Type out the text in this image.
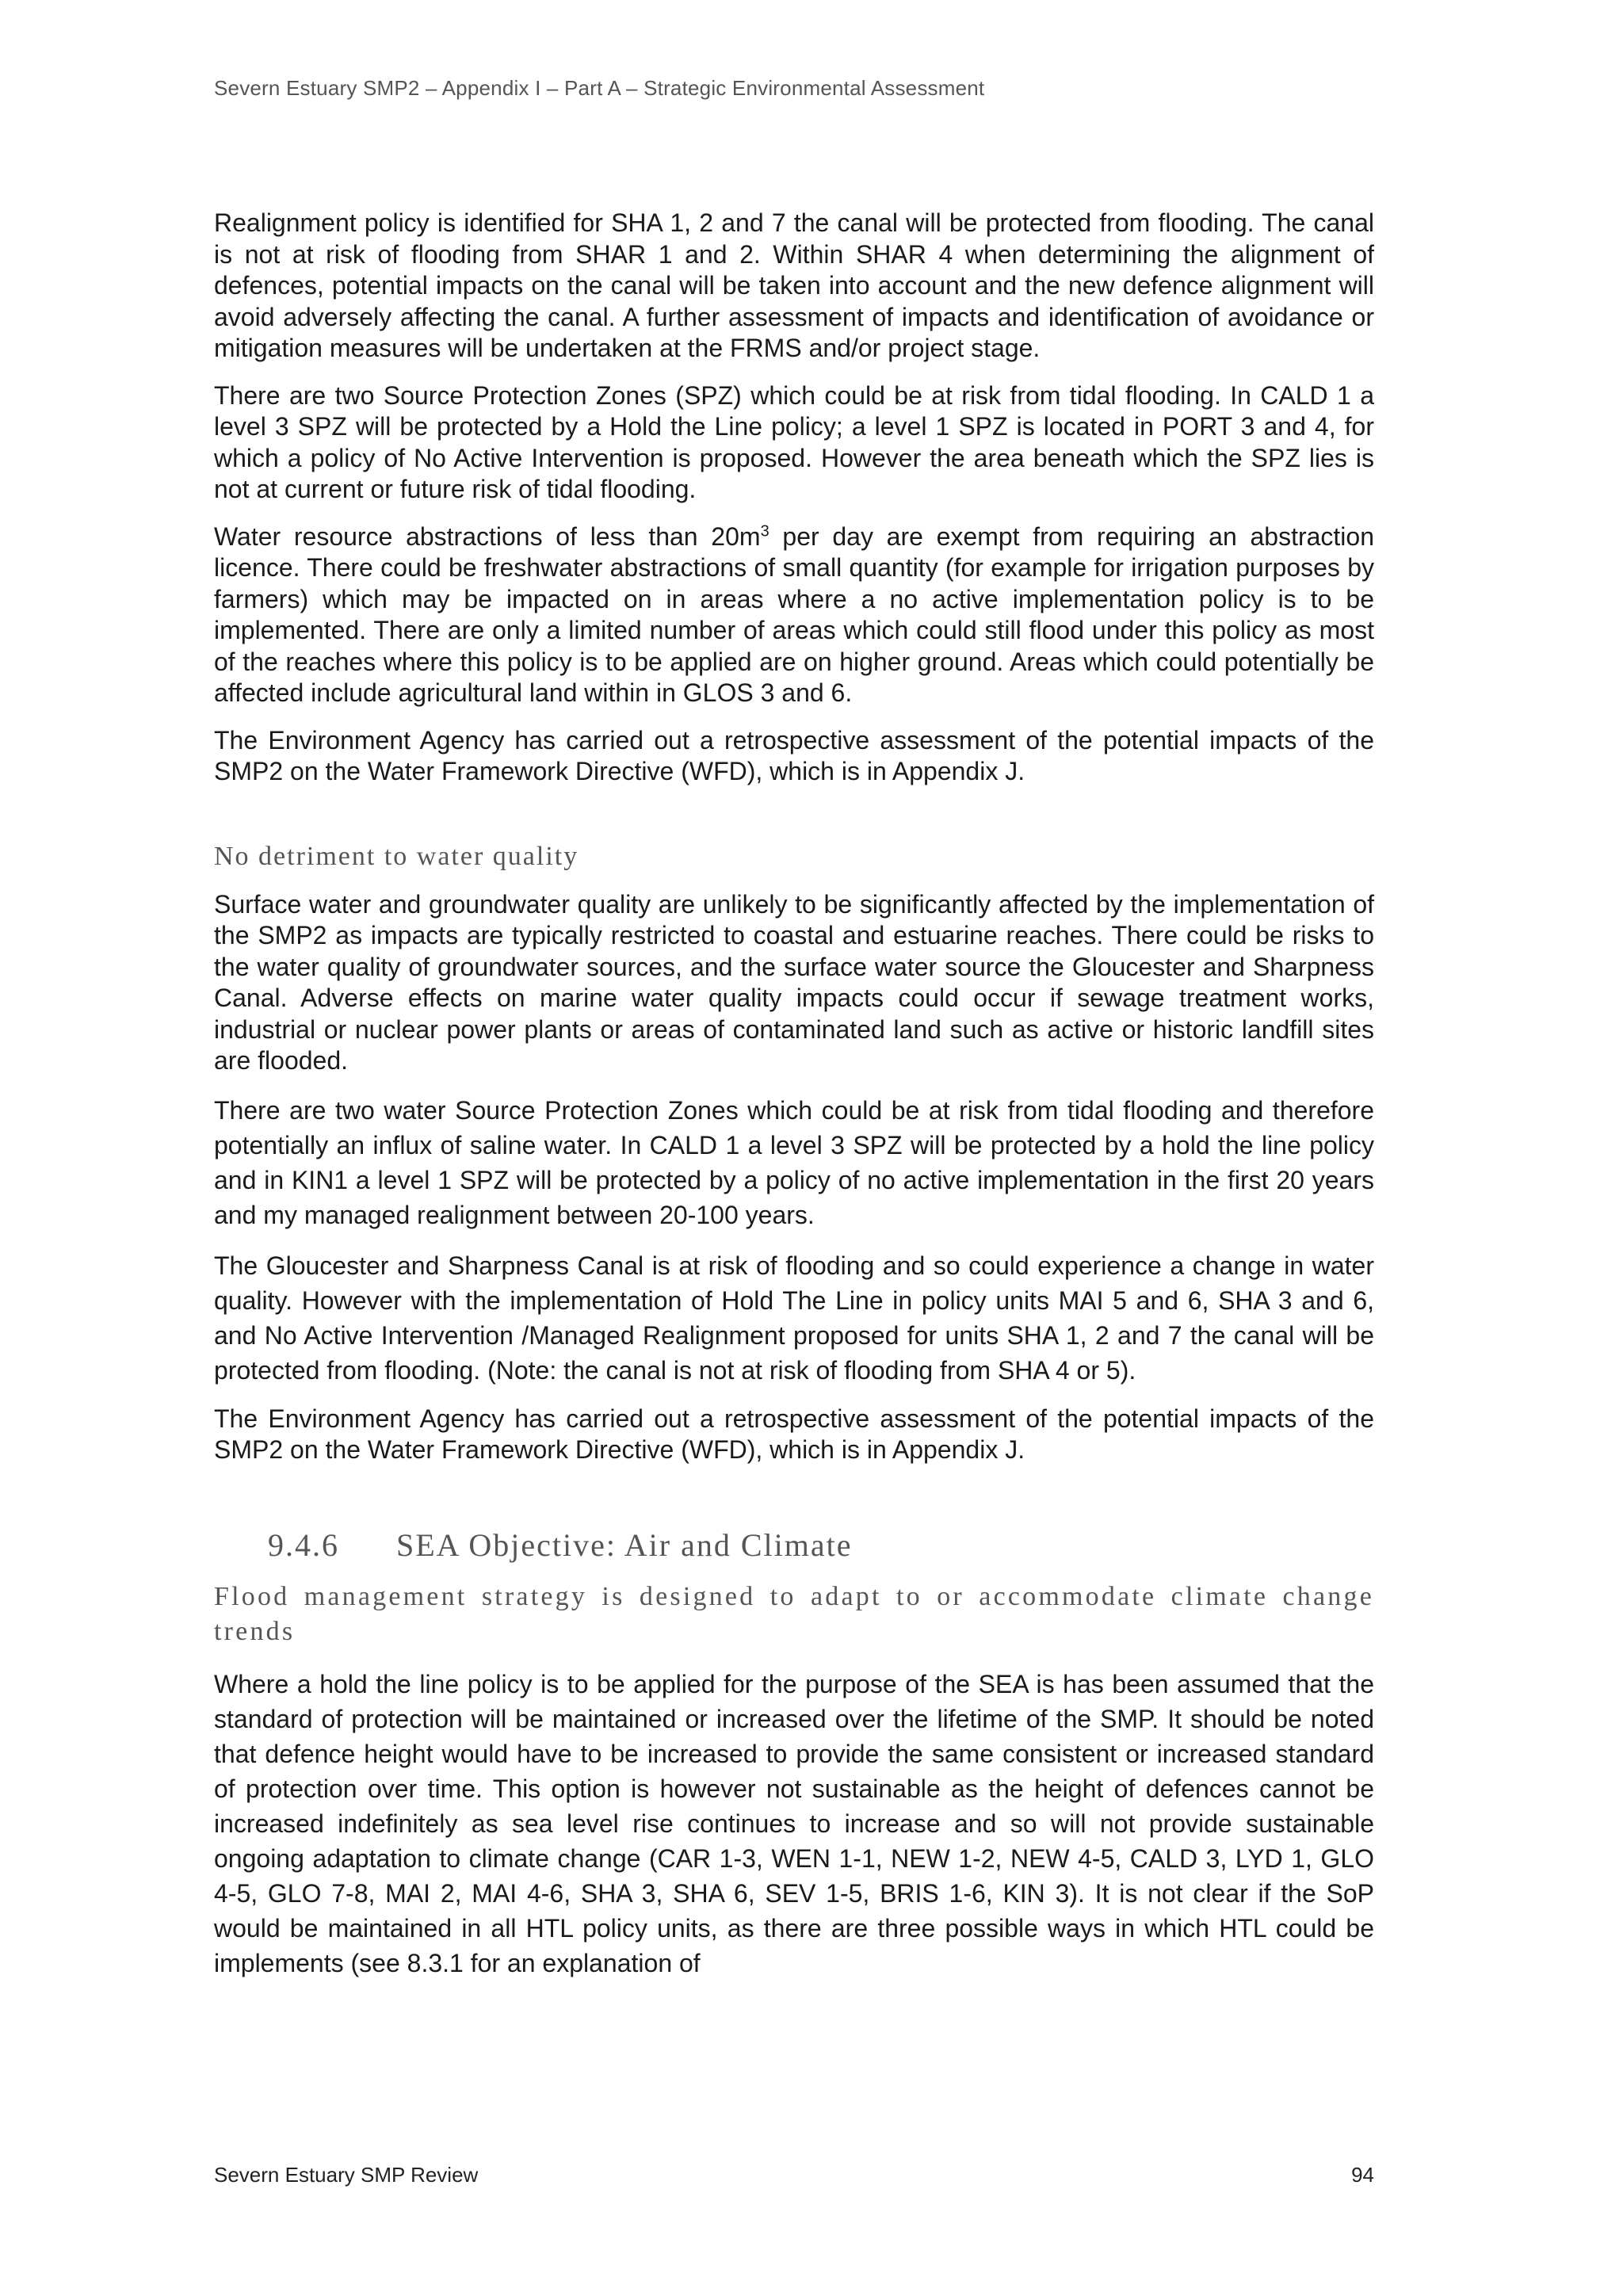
Severn Estuary SMP2 – Appendix I – Part A – Strategic Environmental Assessment

Realignment policy is identified for SHA 1, 2 and 7 the canal will be protected from flooding. The canal is not at risk of flooding from SHAR 1 and 2. Within SHAR 4 when determining the alignment of defences, potential impacts on the canal will be taken into account and the new defence alignment will avoid adversely affecting the canal. A further assessment of impacts and identification of avoidance or mitigation measures will be undertaken at the FRMS and/or project stage.

There are two Source Protection Zones (SPZ) which could be at risk from tidal flooding. In CALD 1 a level 3 SPZ will be protected by a Hold the Line policy; a level 1 SPZ is located in PORT 3 and 4, for which a policy of No Active Intervention is proposed. However the area beneath which the SPZ lies is not at current or future risk of tidal flooding.

Water resource abstractions of less than $20m^3$ per day are exempt from requiring an abstraction licence. There could be freshwater abstractions of small quantity (for example for irrigation purposes by farmers) which may be impacted on in areas where a no active implementation policy is to be implemented. There are only a limited number of areas which could still flood under this policy as most of the reaches where this policy is to be applied are on higher ground. Areas which could potentially be affected include agricultural land within in GLOS 3 and 6.

The Environment Agency has carried out a retrospective assessment of the potential impacts of the SMP2 on the Water Framework Directive (WFD), which is in Appendix J.

No detriment to water quality

Surface water and groundwater quality are unlikely to be significantly affected by the implementation of the SMP2 as impacts are typically restricted to coastal and estuarine reaches. There could be risks to the water quality of groundwater sources, and the surface water source the Gloucester and Sharpness Canal. Adverse effects on marine water quality impacts could occur if sewage treatment works, industrial or nuclear power plants or areas of contaminated land such as active or historic landfill sites are flooded.

There are two water Source Protection Zones which could be at risk from tidal flooding and therefore potentially an influx of saline water. In CALD 1 a level 3 SPZ will be protected by a hold the line policy and in KIN1 a level 1 SPZ will be protected by a policy of no active implementation in the first 20 years and my managed realignment between 20-100 years.

The Gloucester and Sharpness Canal is at risk of flooding and so could experience a change in water quality. However with the implementation of Hold The Line in policy units MAI 5 and 6, SHA 3 and 6, and No Active Intervention /Managed Realignment proposed for units SHA 1, 2 and 7 the canal will be protected from flooding. (Note: the canal is not at risk of flooding from SHA 4 or 5).

The Environment Agency has carried out a retrospective assessment of the potential impacts of the SMP2 on the Water Framework Directive (WFD), which is in Appendix J.

9.4.6	SEA Objective: Air and Climate
Flood management strategy is designed to adapt to or accommodate climate change trends

Where a hold the line policy is to be applied for the purpose of the SEA is has been assumed that the standard of protection will be maintained or increased over the lifetime of the SMP. It should be noted that defence height would have to be increased to provide the same consistent or increased standard of protection over time. This option is however not sustainable as the height of defences cannot be increased indefinitely as sea level rise continues to increase and so will not provide sustainable ongoing adaptation to climate change (CAR 1-3, WEN 1-1, NEW 1-2, NEW 4-5, CALD 3, LYD 1, GLO 4-5, GLO 7-8, MAI 2, MAI 4-6, SHA 3, SHA 6, SEV 1-5, BRIS 1-6, KIN 3). It is not clear if the SoP would be maintained in all HTL policy units, as there are three possible ways in which HTL could be implements (see 8.3.1 for an explanation of

Severn Estuary SMP Review	94
